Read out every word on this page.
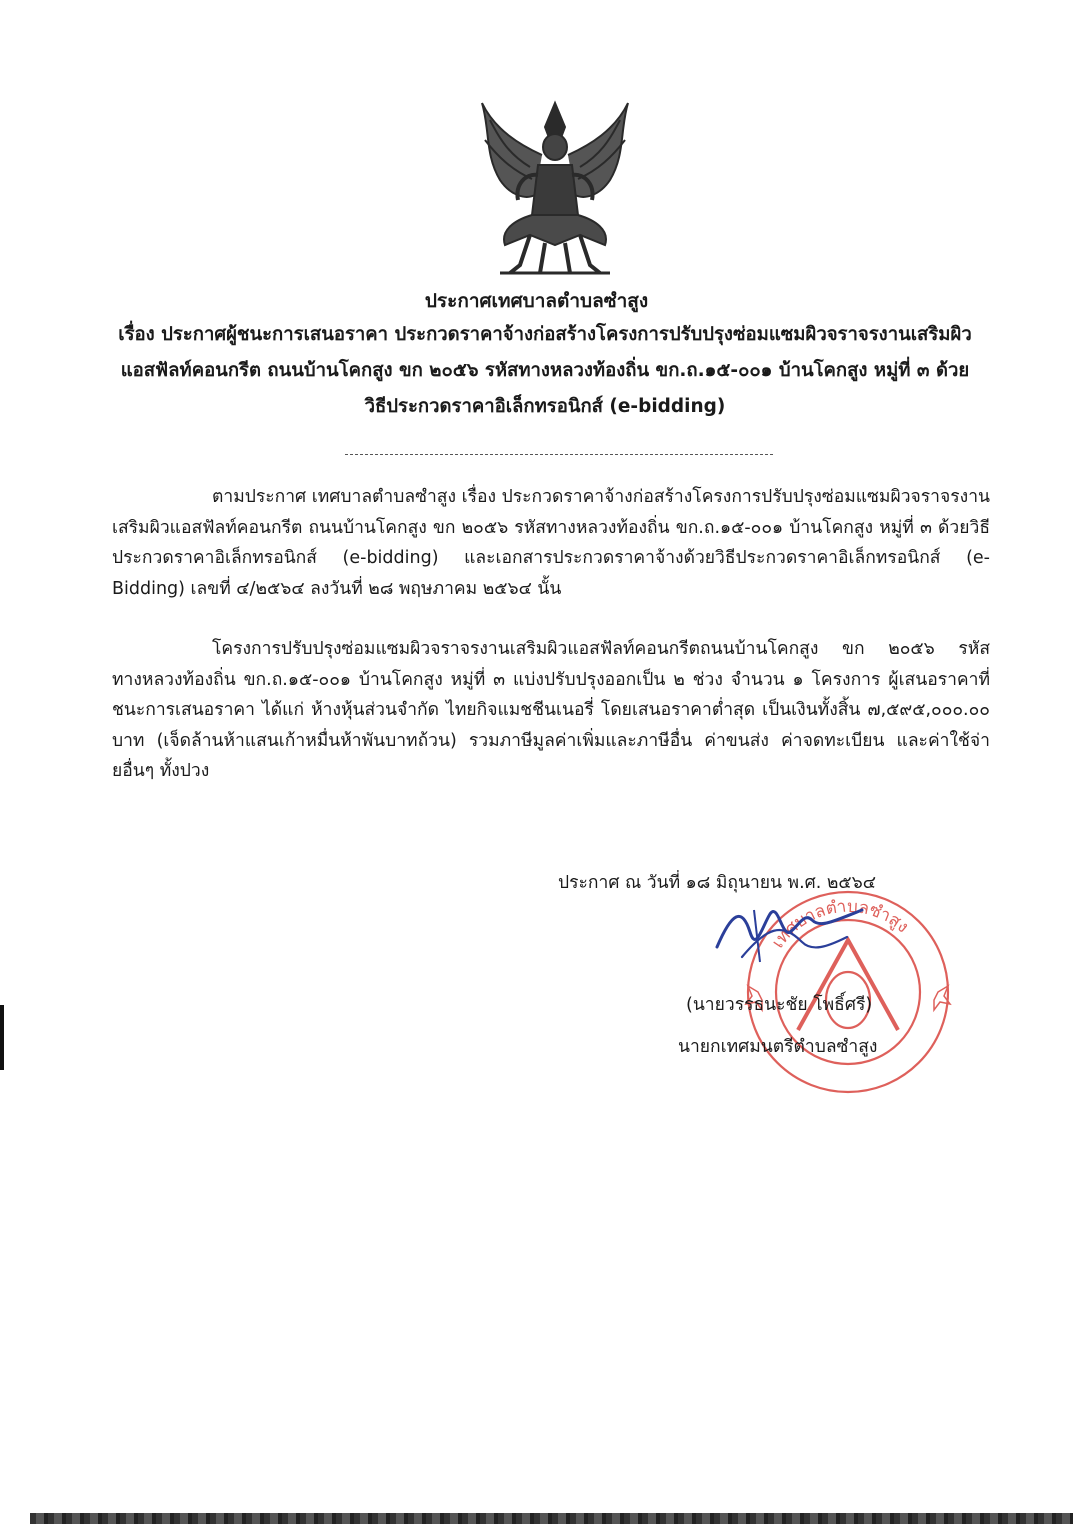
ประกาศเทศบาลตำบลซำสูง
เรื่อง ประกาศผู้ชนะการเสนอราคา ประกวดราคาจ้างก่อสร้างโครงการปรับปรุงซ่อมแซมผิวจราจรงานเสริมผิว
แอสฟัลท์คอนกรีต ถนนบ้านโคกสูง ขก ๒๐๕๖ รหัสทางหลวงท้องถิ่น ขก.ถ.๑๕-๐๐๑ บ้านโคกสูง หมู่ที่ ๓ ด้วย
วิธีประกวดราคาอิเล็กทรอนิกส์ (e-bidding)
ตามประกาศ เทศบาลตำบลซำสูง เรื่อง ประกวดราคาจ้างก่อสร้างโครงการปรับปรุงซ่อมแซมผิวจราจรงานเสริมผิวแอสฟัลท์คอนกรีต ถนนบ้านโคกสูง ขก ๒๐๕๖ รหัสทางหลวงท้องถิ่น ขก.ถ.๑๕-๐๐๑ บ้านโคกสูง หมู่ที่ ๓ ด้วยวิธีประกวดราคาอิเล็กทรอนิกส์ (e-bidding) และเอกสารประกวดราคาจ้างด้วยวิธีประกวดราคาอิเล็กทรอนิกส์ (e-Bidding) เลขที่ ๔/๒๕๖๔ ลงวันที่ ๒๘ พฤษภาคม ๒๕๖๔ นั้น
โครงการปรับปรุงซ่อมแซมผิวจราจรงานเสริมผิวแอสฟัลท์คอนกรีตถนนบ้านโคกสูง ขก ๒๐๕๖ รหัสทางหลวงท้องถิ่น ขก.ถ.๑๕-๐๐๑ บ้านโคกสูง หมู่ที่ ๓ แบ่งปรับปรุงออกเป็น ๒ ช่วง จำนวน ๑ โครงการ ผู้เสนอราคาที่ชนะการเสนอราคา ได้แก่ ห้างหุ้นส่วนจำกัด ไทยกิจแมชชีนเนอรี่ โดยเสนอราคาต่ำสุด เป็นเงินทั้งสิ้น ๗,๕๙๕,๐๐๐.๐๐ บาท (เจ็ดล้านห้าแสนเก้าหมื่นห้าพันบาทถ้วน) รวมภาษีมูลค่าเพิ่มและภาษีอื่น ค่าขนส่ง ค่าจดทะเบียน และค่าใช้จ่ายอื่นๆ ทั้งปวง
ประกาศ ณ วันที่ ๑๘ มิถุนายน พ.ศ. ๒๕๖๔
เทศบาลตำบลซำสูง
(นายวรรธนะชัย โพธิ์ศรี)
นายกเทศมนตรีตำบลซำสูง
